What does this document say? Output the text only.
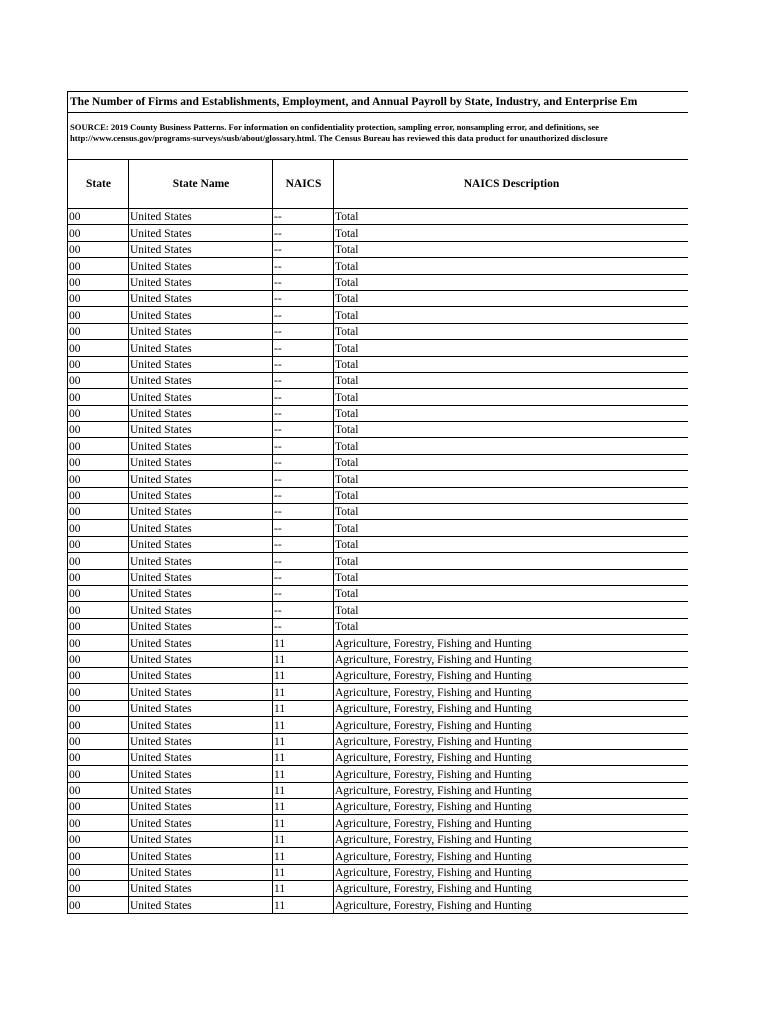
The Number of Firms and Establishments, Employment, and Annual Payroll by State, Industry, and Enterprise Em
SOURCE: 2019 County Business Patterns. For information on confidentiality protection, sampling error, nonsampling error, and definitions, see
http://www.census.gov/programs-surveys/susb/about/glossary.html. The Census Bureau has reviewed this data product for unauthorized disclosure
State	State Name	NAICS	NAICS Description
00	United States	--	Total
00	United States	--	Total
00	United States	--	Total
00	United States	--	Total
00	United States	--	Total
00	United States	--	Total
00	United States	--	Total
00	United States	--	Total
00	United States	--	Total
00	United States	--	Total
00	United States	--	Total
00	United States	--	Total
00	United States	--	Total
00	United States	--	Total
00	United States	--	Total
00	United States	--	Total
00	United States	--	Total
00	United States	--	Total
00	United States	--	Total
00	United States	--	Total
00	United States	--	Total
00	United States	--	Total
00	United States	--	Total
00	United States	--	Total
00	United States	--	Total
00	United States	--	Total
00	United States	11	Agriculture, Forestry, Fishing and Hunting
00	United States	11	Agriculture, Forestry, Fishing and Hunting
00	United States	11	Agriculture, Forestry, Fishing and Hunting
00	United States	11	Agriculture, Forestry, Fishing and Hunting
00	United States	11	Agriculture, Forestry, Fishing and Hunting
00	United States	11	Agriculture, Forestry, Fishing and Hunting
00	United States	11	Agriculture, Forestry, Fishing and Hunting
00	United States	11	Agriculture, Forestry, Fishing and Hunting
00	United States	11	Agriculture, Forestry, Fishing and Hunting
00	United States	11	Agriculture, Forestry, Fishing and Hunting
00	United States	11	Agriculture, Forestry, Fishing and Hunting
00	United States	11	Agriculture, Forestry, Fishing and Hunting
00	United States	11	Agriculture, Forestry, Fishing and Hunting
00	United States	11	Agriculture, Forestry, Fishing and Hunting
00	United States	11	Agriculture, Forestry, Fishing and Hunting
00	United States	11	Agriculture, Forestry, Fishing and Hunting
00	United States	11	Agriculture, Forestry, Fishing and Hunting
